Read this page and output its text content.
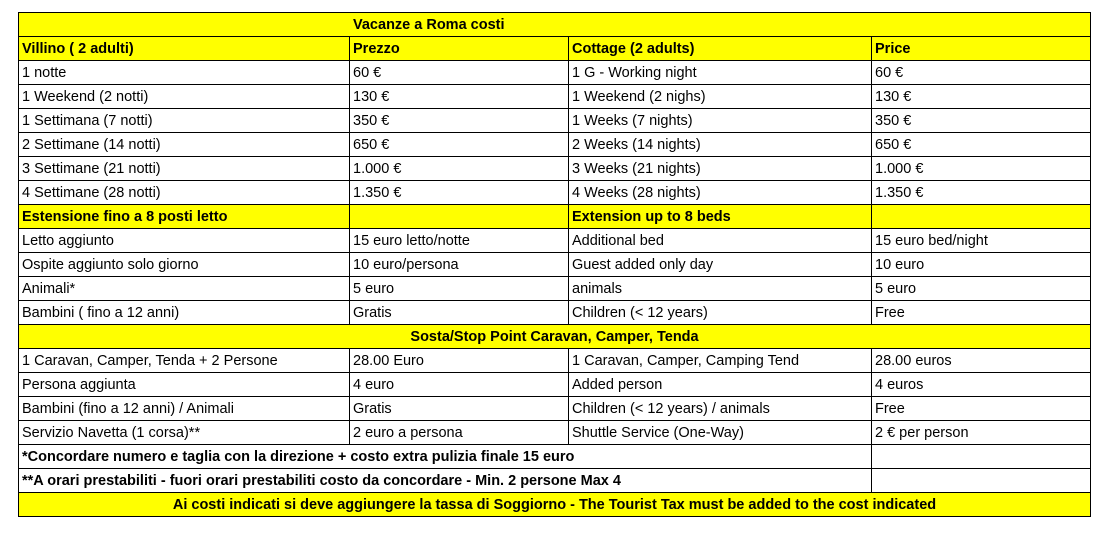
Vacanze a Roma costi			
Villino ( 2 adulti)	Prezzo	Cottage (2 adults)	Price
1 notte	60 €	1 G - Working night	60 €
1 Weekend (2 notti)	130 €	1 Weekend (2 nighs)	130 €
1 Settimana (7 notti)	350 €	1 Weeks (7 nights)	350 €
2 Settimane (14 notti)	650 €	2 Weeks (14 nights)	650 €
3 Settimane (21 notti)	1.000 €	3 Weeks (21 nights)	1.000 €
4 Settimane (28 notti)	1.350 €	4 Weeks (28 nights)	1.350 €
Estensione fino a 8 posti letto		Extension up to 8 beds	
Letto aggiunto	15 euro letto/notte	Additional bed	15 euro bed/night
Ospite aggiunto solo giorno	10 euro/persona	Guest added only day	10 euro
Animali*	5 euro	animals	5 euro
Bambini ( fino a 12 anni)	Gratis	Children (< 12 years)	Free
Sosta/Stop Point Caravan, Camper, Tenda			
1 Caravan, Camper, Tenda + 2 Persone	28.00 Euro	1 Caravan, Camper, Camping Tend	28.00 euros
Persona aggiunta	4 euro	Added person	4 euros
Bambini (fino a 12 anni) / Animali	Gratis	Children (< 12 years) / animals	Free
Servizio Navetta (1 corsa)**	2 euro a persona	Shuttle Service (One-Way)	2 € per person
*Concordare numero e taglia con la direzione + costo extra pulizia finale 15 euro			
**A orari prestabiliti - fuori orari prestabiliti costo da concordare - Min. 2 persone Max 4			
Ai costi indicati si deve aggiungere la tassa di Soggiorno - The Tourist Tax must be added to the cost indicated			
